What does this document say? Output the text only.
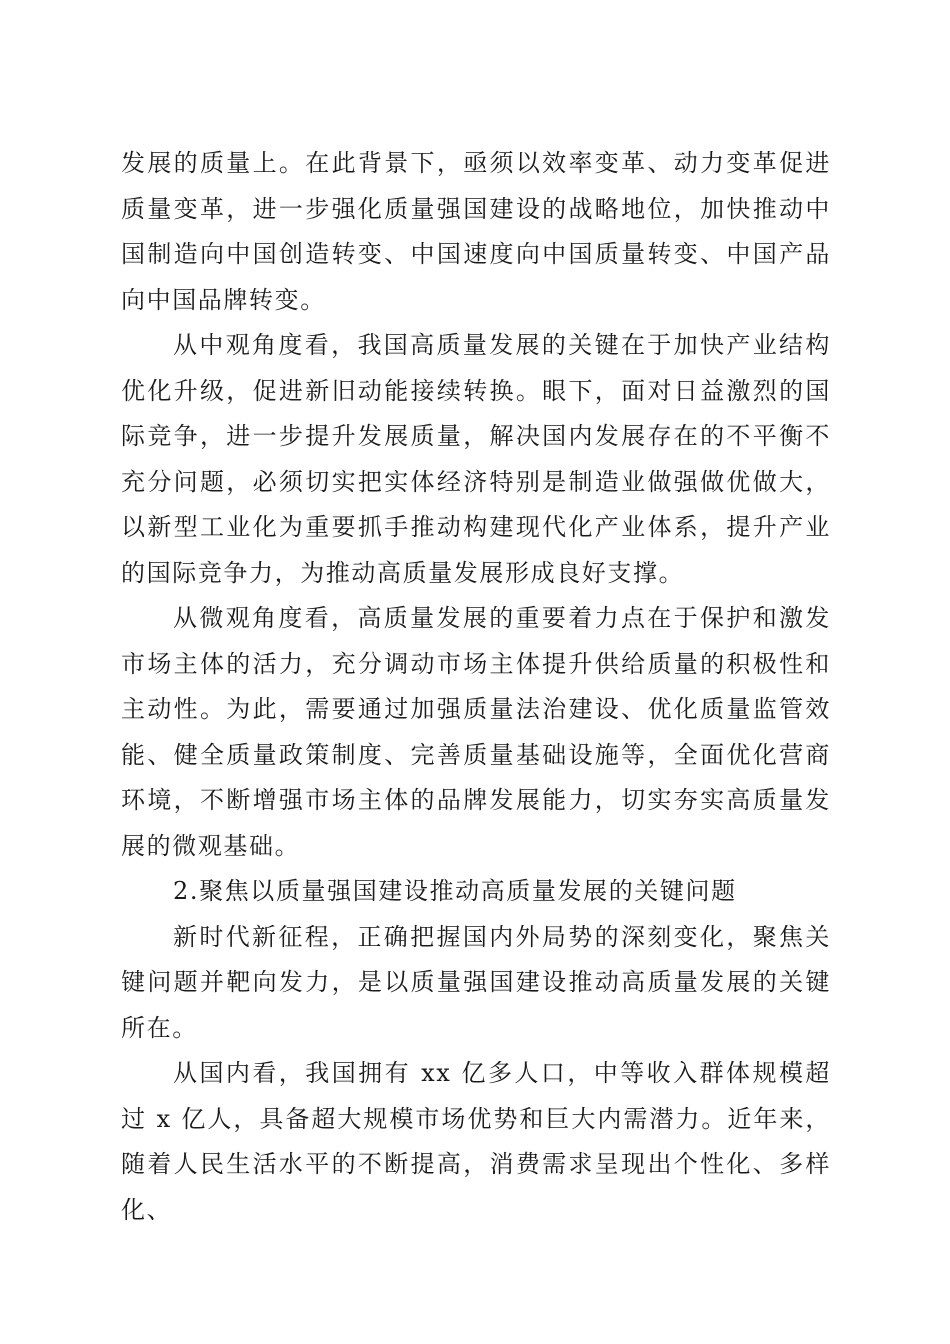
发展的质量上。在此背景下，亟须以效率变革、动力变革促进质量变革，进一步强化质量强国建设的战略地位，加快推动中国制造向中国创造转变、中国速度向中国质量转变、中国产品向中国品牌转变。

从中观角度看，我国高质量发展的关键在于加快产业结构优化升级，促进新旧动能接续转换。眼下，面对日益激烈的国际竞争，进一步提升发展质量，解决国内发展存在的不平衡不充分问题，必须切实把实体经济特别是制造业做强做优做大，以新型工业化为重要抓手推动构建现代化产业体系，提升产业的国际竞争力，为推动高质量发展形成良好支撑。

从微观角度看，高质量发展的重要着力点在于保护和激发市场主体的活力，充分调动市场主体提升供给质量的积极性和主动性。为此，需要通过加强质量法治建设、优化质量监管效能、健全质量政策制度、完善质量基础设施等，全面优化营商环境，不断增强市场主体的品牌发展能力，切实夯实高质量发展的微观基础。

2.聚焦以质量强国建设推动高质量发展的关键问题

新时代新征程，正确把握国内外局势的深刻变化，聚焦关键问题并靶向发力，是以质量强国建设推动高质量发展的关键所在。

从国内看，我国拥有 xx 亿多人口，中等收入群体规模超过 x 亿人，具备超大规模市场优势和巨大内需潜力。近年来，随着人民生活水平的不断提高，消费需求呈现出个性化、多样化、
